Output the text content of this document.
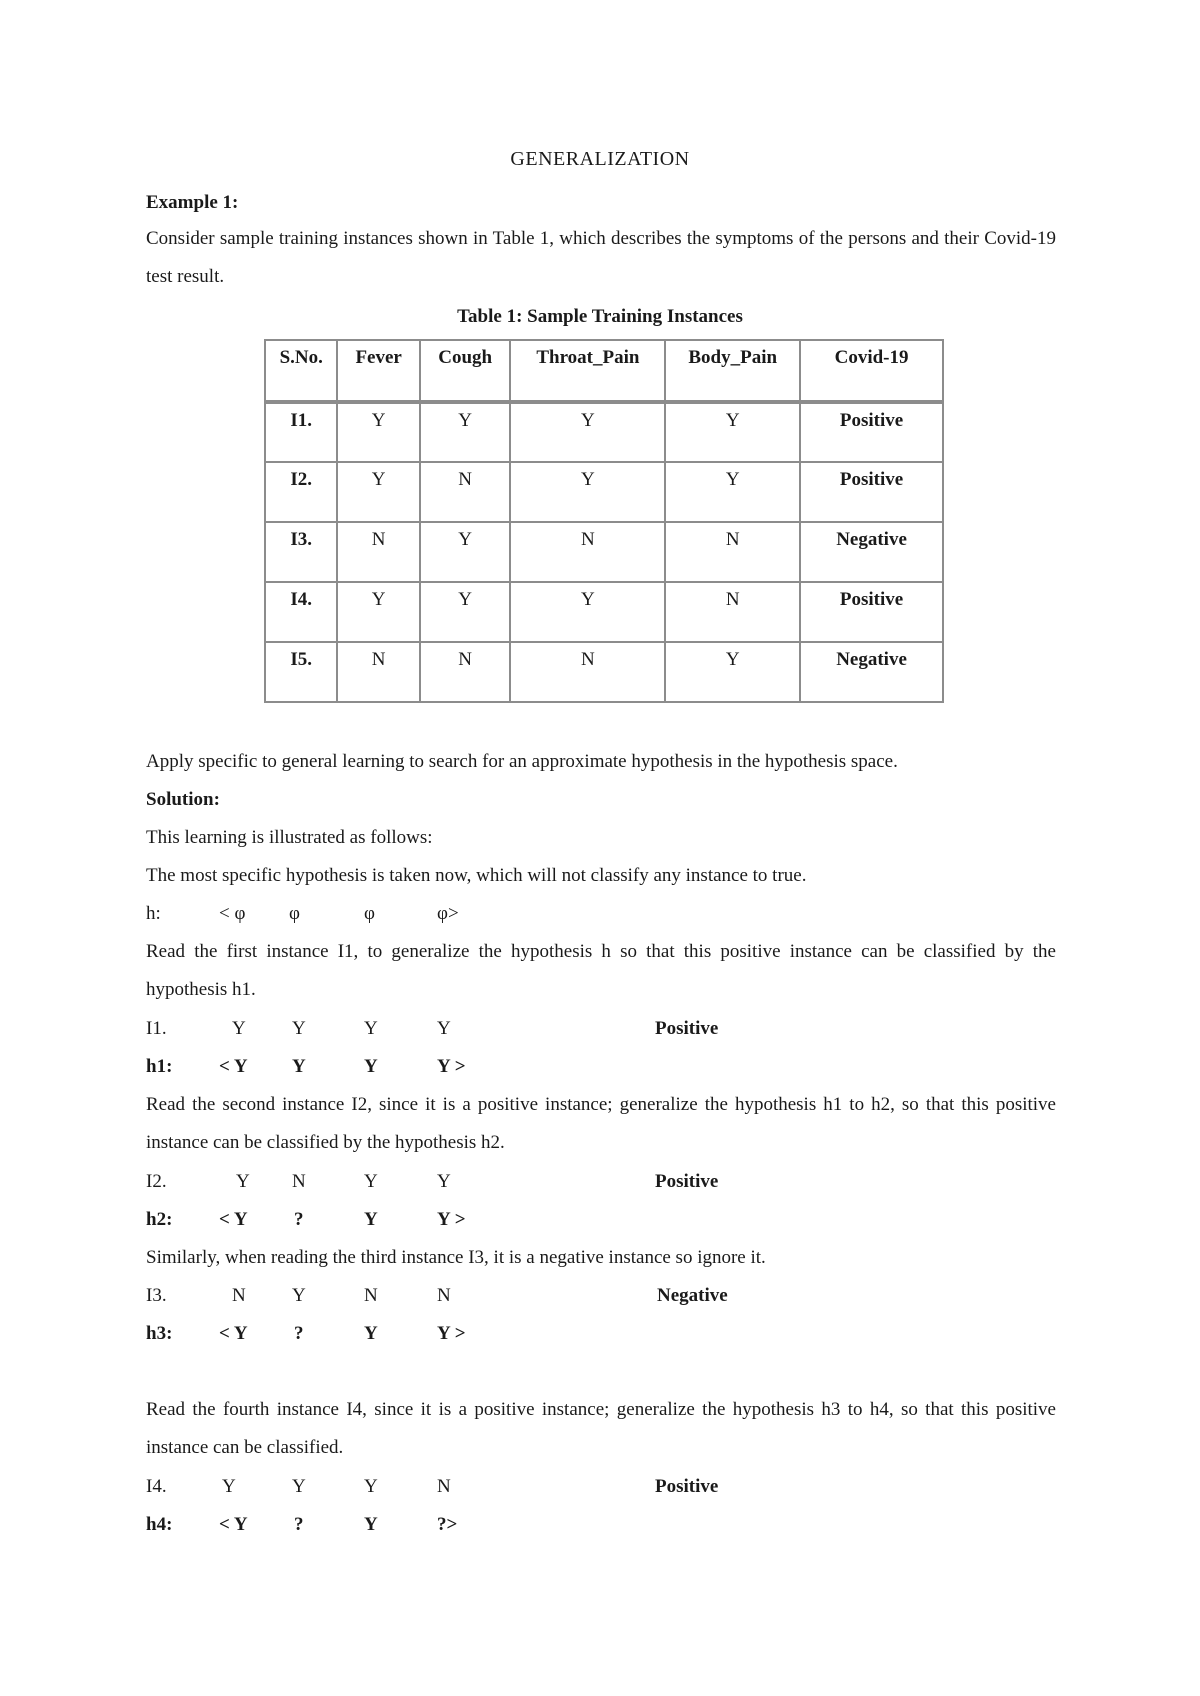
GENERALIZATION
Example 1:
Consider sample training instances shown in Table 1, which describes the symptoms of the persons and their Covid-19 test result.
Table 1: Sample Training Instances
S.No.	Fever	Cough	Throat_Pain	Body_Pain	Covid-19
I1.	Y	Y	Y	Y	Positive
I2.	Y	N	Y	Y	Positive
I3.	N	Y	N	N	Negative
I4.	Y	Y	Y	N	Positive
I5.	N	N	N	Y	Negative
Apply specific to general learning to search for an approximate hypothesis in the hypothesis space.
Solution:
This learning is illustrated as follows:
The most specific hypothesis is taken now, which will not classify any instance to true.
h:	< φ φ	φ	φ>
Read the first instance I1, to generalize the hypothesis h so that this positive instance can be classified by the hypothesis h1.
I1.	Y Y	Y	Y	Positive
h1: < Y Y	Y	Y >
Read the second instance I2, since it is a positive instance; generalize the hypothesis h1 to h2, so that this positive instance can be classified by the hypothesis h2.
I2.	Y N	Y	Y	Positive
h2: < Y ?	Y	Y >
Similarly, when reading the third instance I3, it is a negative instance so ignore it.
I3.	N Y	N	N	Negative
h3: < Y ?	Y	Y >
Read the fourth instance I4, since it is a positive instance; generalize the hypothesis h3 to h4, so that this positive instance can be classified.
I4.	Y	Y	Y	N	Positive
h4: < Y ?	Y	?>
